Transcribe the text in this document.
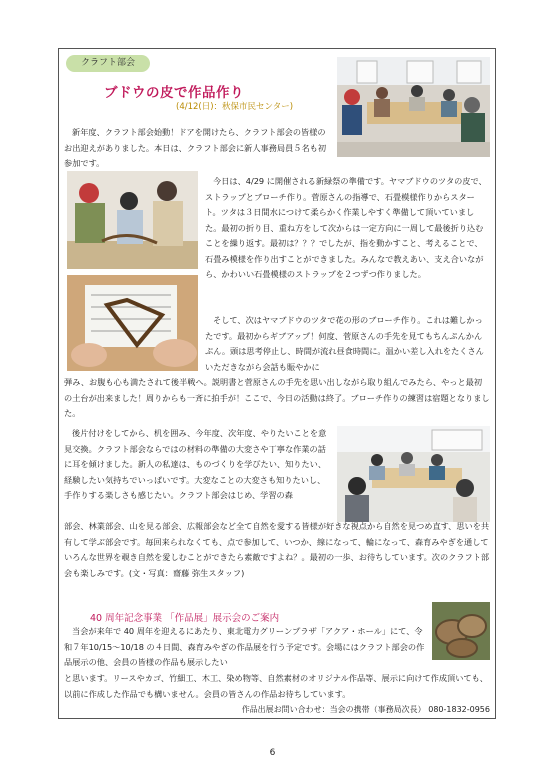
クラフト部会
ブドウの皮で作品作り
(4/12(日)：秋保市民センター)
新年度、クラフト部会始動！ドアを開けたら、クラフト部会の皆様のお出迎えがありました。本日は、クラフト部会に新人事務局員５名も初参加です。
今日は、4/29 に開催される新緑祭の準備です。ヤマブドウのツタの皮で、ストラップとブローチ作り。菅原さんの指導で、石畳模様作りからスタート。ツタは３日間水につけて柔らかく作業しやすく準備して頂いていました。最初の折り目、重ね方をして次からは一定方向に一周して最後折り込むことを繰り返す。最初は？？？でしたが、指を動かすこと、考えることで、石畳み模様を作り出すことができました。みんなで教えあい、支え合いながら、かわいい石畳模様のストラップを２つずつ作りました。
そして、次はヤマブドウのツタで花の形のブローチ作り。これは難しかったです。最初からギブアップ！何度、菅原さんの手先を見てもちんぷんかんぷん。頭は思考停止し、時間が流れ昼食時間に。温かい差し入れをたくさんいただきながら会話も賑やかに
弾み、お腹も心も満たされて後半戦へ。説明書と菅原さんの手先を思い出しながら取り組んでみたら、やっと最初の土台が出来ました！周りからも一斉に拍手が！ここで、今日の活動は終了。ブローチ作りの練習は宿題となりました。
後片付けをしてから、机を囲み、今年度、次年度、やりたいことを意見交換。クラフト部会ならではの材料の準備の大変さや丁寧な作業の話に耳を傾けました。新人の私達は、ものづくりを学びたい、知りたい、経験したい気持ちでいっぱいです。大変なことの大変さも知りたいし、手作りする楽しさも感じたい。クラフト部会はじめ、学習の森
部会、林業部会、山を見る部会、広報部会など全て自然を愛する皆様が好きな視点から自然を見つめ直す、思いを共有して学ぶ部会です。毎回来られなくても、点で参加して、いつか、線になって、輪になって、森育みやぎを通していろんな世界を覗き自然を愛しむことができたら素敵ですよね？。最初の一歩、お待ちしています。次のクラフト部会も楽しみです。(文・写真：齋藤 弥生スタッフ)
40 周年記念事業 「作品展」展示会のご案内
当会が来年で 40 周年を迎えるにあたり、東北電力グリーンプラザ「アクア・ホール」にて、令和７年10/15～10/18 の４日間、森育みやぎの作品展を行う予定です。会場にはクラフト部会の作品展示の他、会員の皆様の作品も展示したい
と思います。リースやカゴ、竹細工、木工、染め物等、自然素材のオリジナル作品等、展示に向けて作成頂いても、以前に作成した作品でも構いません。会員の皆さんの作品お待ちしています。
作品出展お問い合わせ：当会の携帯（事務局次長） 080-1832-0956
6
